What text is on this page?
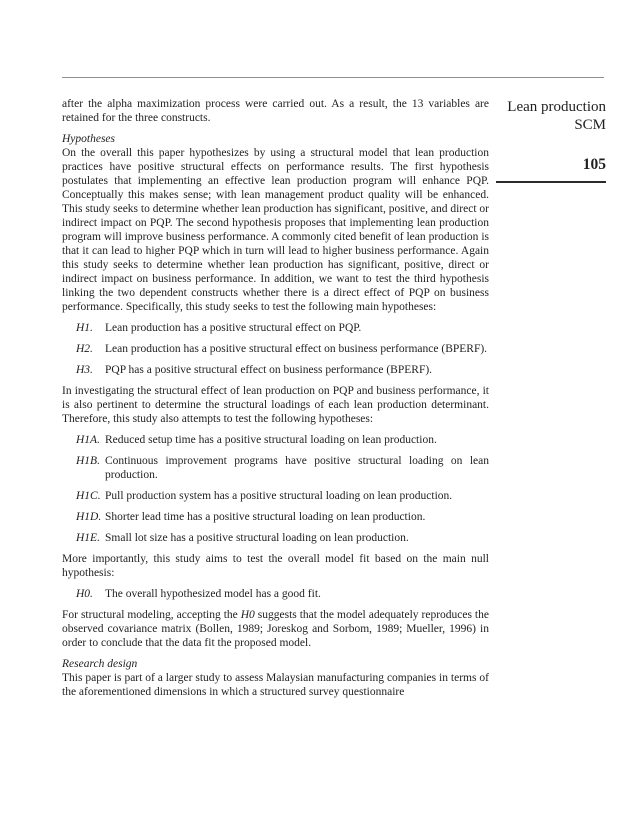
Lean production
SCM
105

after the alpha maximization process were carried out. As a result, the 13 variables are retained for the three constructs.

Hypotheses

On the overall this paper hypothesizes by using a structural model that lean production practices have positive structural effects on performance results. The first hypothesis postulates that implementing an effective lean production program will enhance PQP. Conceptually this makes sense; with lean management product quality will be enhanced. This study seeks to determine whether lean production has significant, positive, and direct or indirect impact on PQP. The second hypothesis proposes that implementing lean production program will improve business performance. A commonly cited benefit of lean production is that it can lead to higher PQP which in turn will lead to higher business performance. Again this study seeks to determine whether lean production has significant, positive, direct or indirect impact on business performance. In addition, we want to test the third hypothesis linking the two dependent constructs whether there is a direct effect of PQP on business performance. Specifically, this study seeks to test the following main hypotheses:

H1.	Lean production has a positive structural effect on PQP.
H2.	Lean production has a positive structural effect on business performance (BPERF).
H3.	PQP has a positive structural effect on business performance (BPERF).

In investigating the structural effect of lean production on PQP and business performance, it is also pertinent to determine the structural loadings of each lean production determinant. Therefore, this study also attempts to test the following hypotheses:

H1A. Reduced setup time has a positive structural loading on lean production.
H1B. Continuous improvement programs have positive structural loading on lean production.
H1C. Pull production system has a positive structural loading on lean production.
H1D. Shorter lead time has a positive structural loading on lean production.
H1E. Small lot size has a positive structural loading on lean production.

More importantly, this study aims to test the overall model fit based on the main null hypothesis:

H0.	The overall hypothesized model has a good fit.

For structural modeling, accepting the H0 suggests that the model adequately reproduces the observed covariance matrix (Bollen, 1989; Joreskog and Sorbom, 1989; Mueller, 1996) in order to conclude that the data fit the proposed model.

Research design

This paper is part of a larger study to assess Malaysian manufacturing companies in terms of the aforementioned dimensions in which a structured survey questionnaire
